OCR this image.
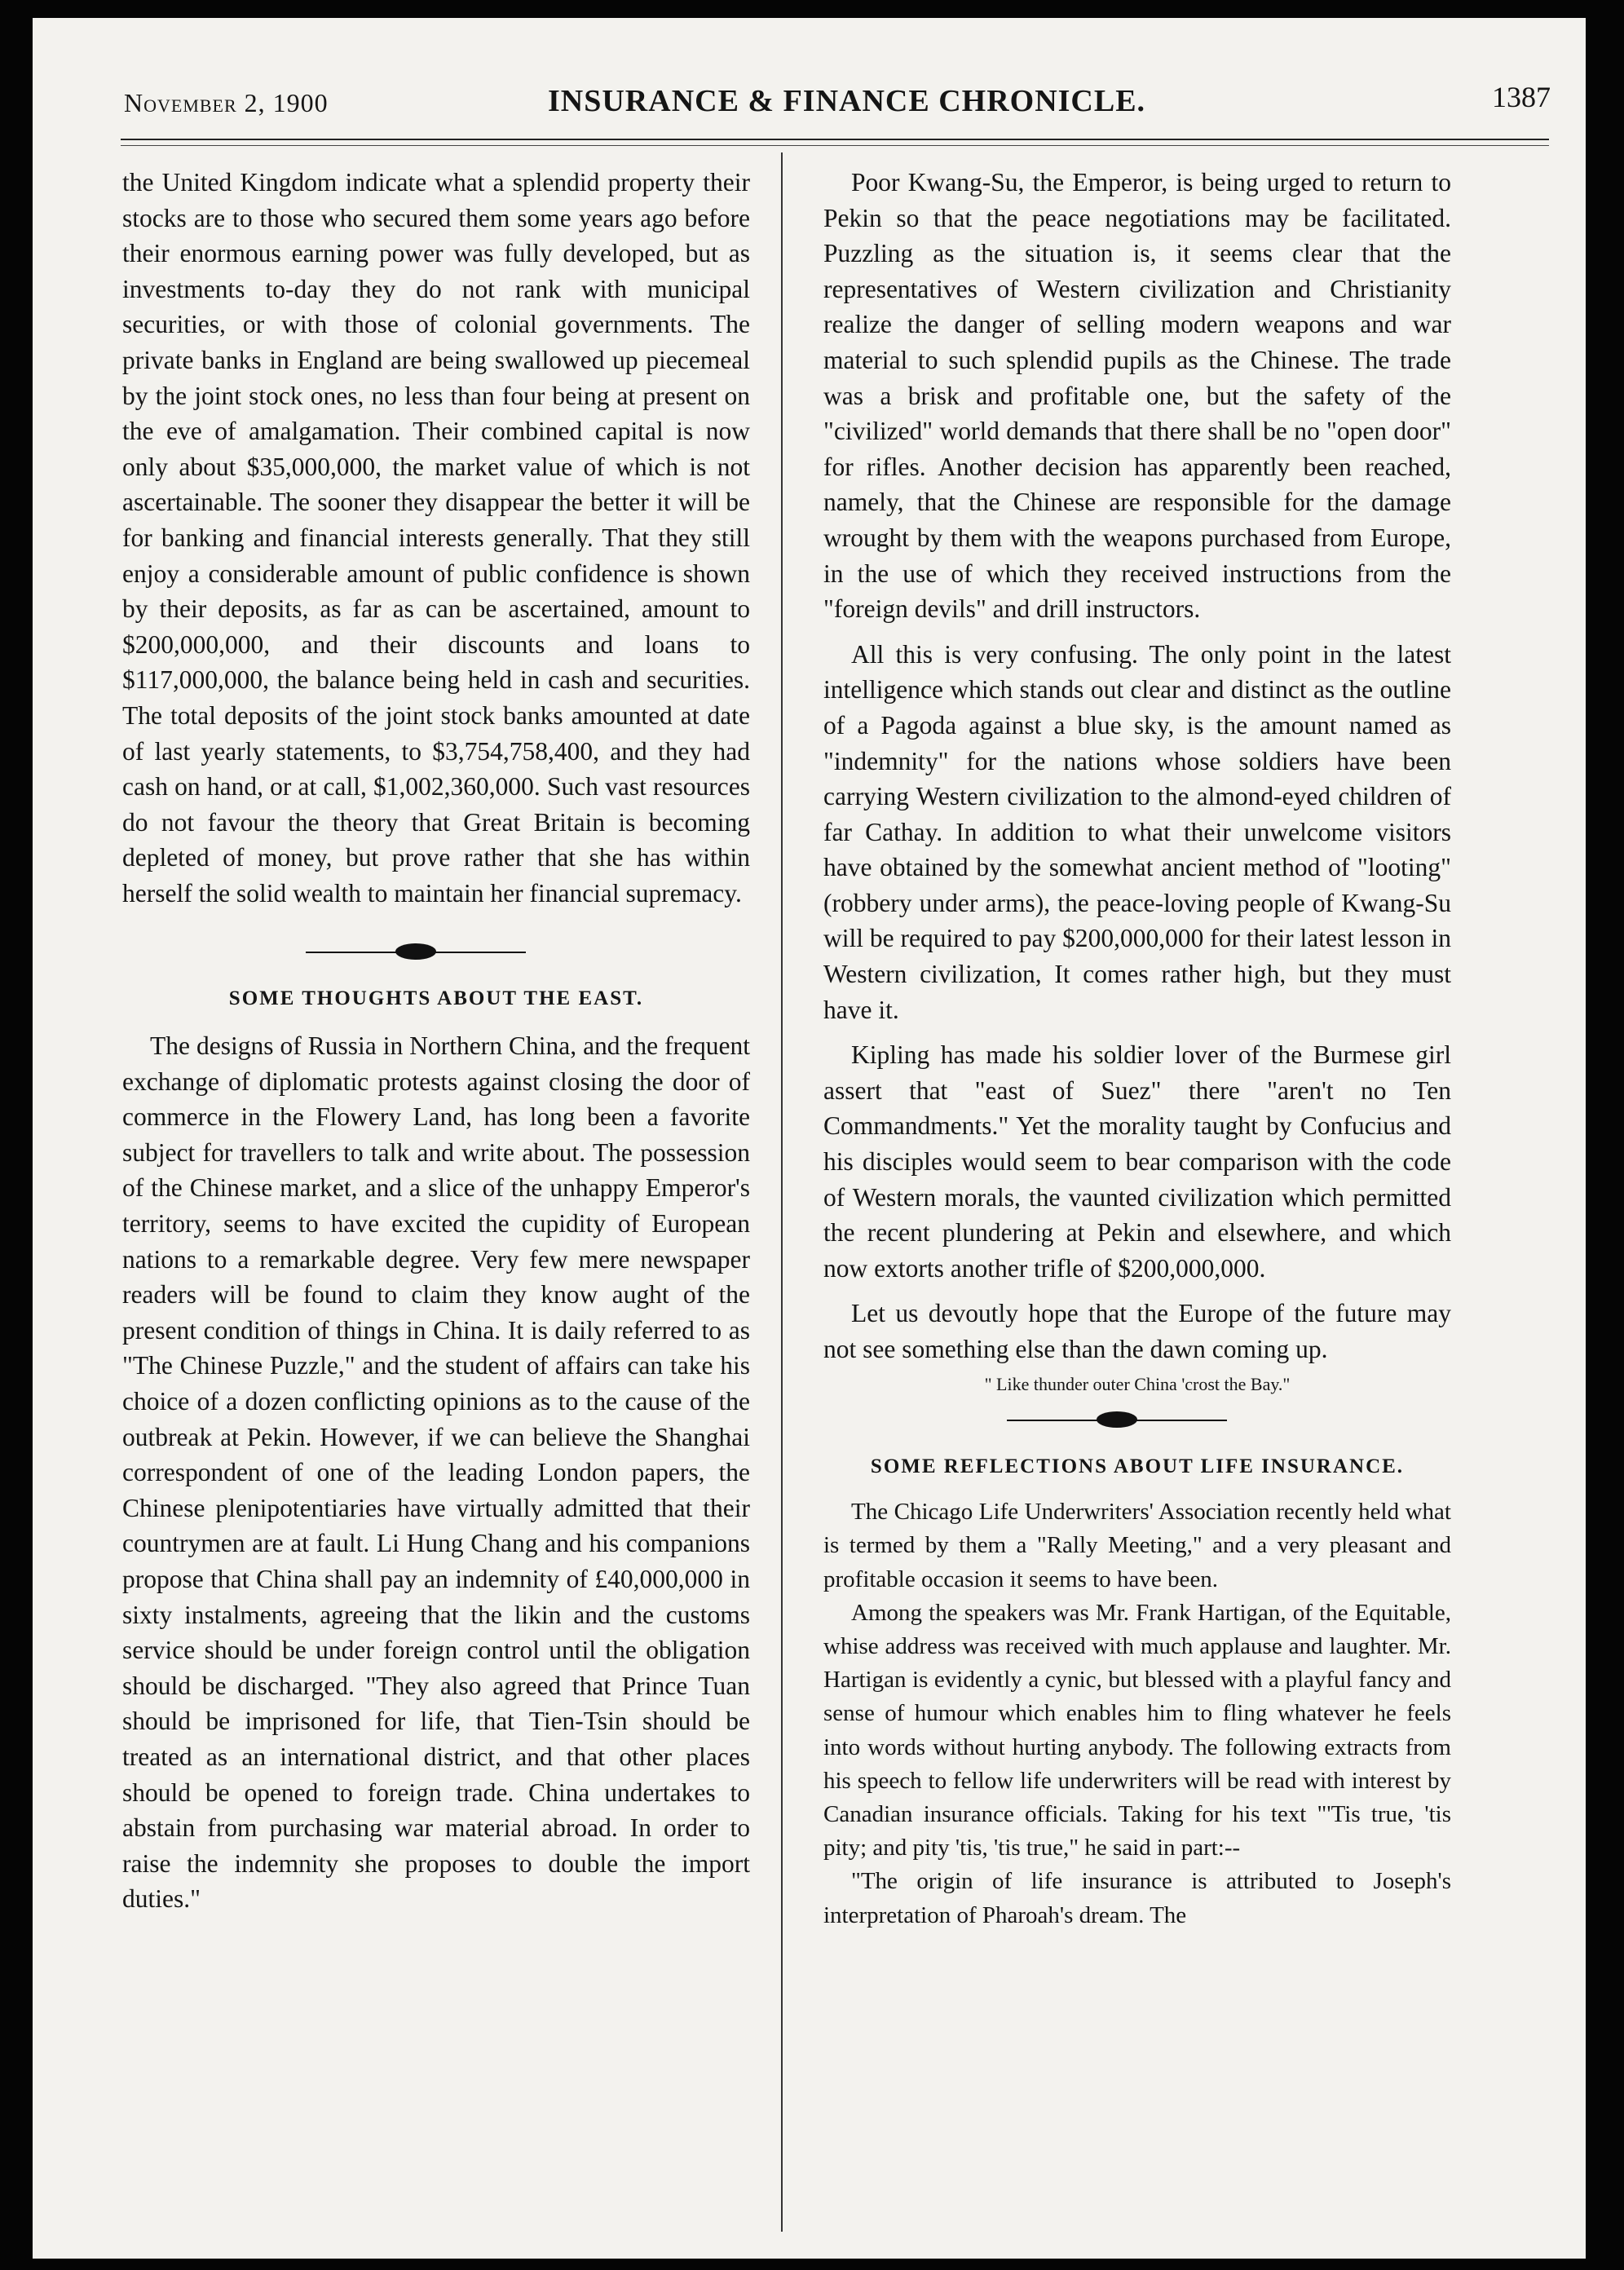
November 2, 1900	INSURANCE & FINANCE CHRONICLE.	1387

the United Kingdom indicate what a splendid property their stocks are to those who secured them some years ago before their enormous earning power was fully developed, but as investments to-day they do not rank with municipal securities, or with those of colonial governments. The private banks in England are being swallowed up piecemeal by the joint stock ones, no less than four being at present on the eve of amalgamation. Their combined capital is now only about $35,000,000, the market value of which is not ascertainable. The sooner they disappear the better it will be for banking and financial interests generally. That they still enjoy a considerable amount of public confidence is shown by their deposits, as far as can be ascertained, amount to $200,000,000, and their discounts and loans to $117,000,000, the balance being held in cash and securities. The total deposits of the joint stock banks amounted at date of last yearly statements, to $3,754,758,400, and they had cash on hand, or at call, $1,002,360,000. Such vast resources do not favour the theory that Great Britain is becoming depleted of money, but prove rather that she has within herself the solid wealth to maintain her financial supremacy.

SOME THOUGHTS ABOUT THE EAST.

The designs of Russia in Northern China, and the frequent exchange of diplomatic protests against closing the door of commerce in the Flowery Land, has long been a favorite subject for travellers to talk and write about. The possession of the Chinese market, and a slice of the unhappy Emperor's territory, seems to have excited the cupidity of European nations to a remarkable degree. Very few mere newspaper readers will be found to claim they know aught of the present condition of things in China. It is daily referred to as "The Chinese Puzzle," and the student of affairs can take his choice of a dozen conflicting opinions as to the cause of the outbreak at Pekin. However, if we can believe the Shanghai correspondent of one of the leading London papers, the Chinese plenipotentiaries have virtually admitted that their countrymen are at fault. Li Hung Chang and his companions propose that China shall pay an indemnity of £40,000,000 in sixty instalments, agreeing that the likin and the customs service should be under foreign control until the obligation should be discharged. "They also agreed that Prince Tuan should be imprisoned for life, that Tien-Tsin should be treated as an international district, and that other places should be opened to foreign trade. China undertakes to abstain from purchasing war material abroad. In order to raise the indemnity she proposes to double the import duties."

Poor Kwang-Su, the Emperor, is being urged to return to Pekin so that the peace negotiations may be facilitated. Puzzling as the situation is, it seems clear that the representatives of Western civilization and Christianity realize the danger of selling modern weapons and war material to such splendid pupils as the Chinese. The trade was a brisk and profitable one, but the safety of the "civilized" world demands that there shall be no "open door" for rifles. Another decision has apparently been reached, namely, that the Chinese are responsible for the damage wrought by them with the weapons purchased from Europe, in the use of which they received instructions from the "foreign devils" and drill instructors.

All this is very confusing. The only point in the latest intelligence which stands out clear and distinct as the outline of a Pagoda against a blue sky, is the amount named as "indemnity" for the nations whose soldiers have been carrying Western civilization to the almond-eyed children of far Cathay. In addition to what their unwelcome visitors have obtained by the somewhat ancient method of "looting" (robbery under arms), the peace-loving people of Kwang-Su will be required to pay $200,000,000 for their latest lesson in Western civilization, It comes rather high, but they must have it.

Kipling has made his soldier lover of the Burmese girl assert that "east of Suez" there "aren't no Ten Commandments." Yet the morality taught by Confucius and his disciples would seem to bear comparison with the code of Western morals, the vaunted civilization which permitted the recent plundering at Pekin and elsewhere, and which now extorts another trifle of $200,000,000.

Let us devoutly hope that the Europe of the future may not see something else than the dawn coming up.

" Like thunder outer China 'crost the Bay."
SOME REFLECTIONS ABOUT LIFE INSURANCE.

The Chicago Life Underwriters' Association recently held what is termed by them a "Rally Meeting," and a very pleasant and profitable occasion it seems to have been.

Among the speakers was Mr. Frank Hartigan, of the Equitable, whise address was received with much applause and laughter. Mr. Hartigan is evidently a cynic, but blessed with a playful fancy and sense of humour which enables him to fling whatever he feels into words without hurting anybody. The following extracts from his speech to fellow life underwriters will be read with interest by Canadian insurance officials. Taking for his text "'Tis true, 'tis pity; and pity 'tis, 'tis true," he said in part:--

"The origin of life insurance is attributed to Joseph's interpretation of Pharoah's dream. The
